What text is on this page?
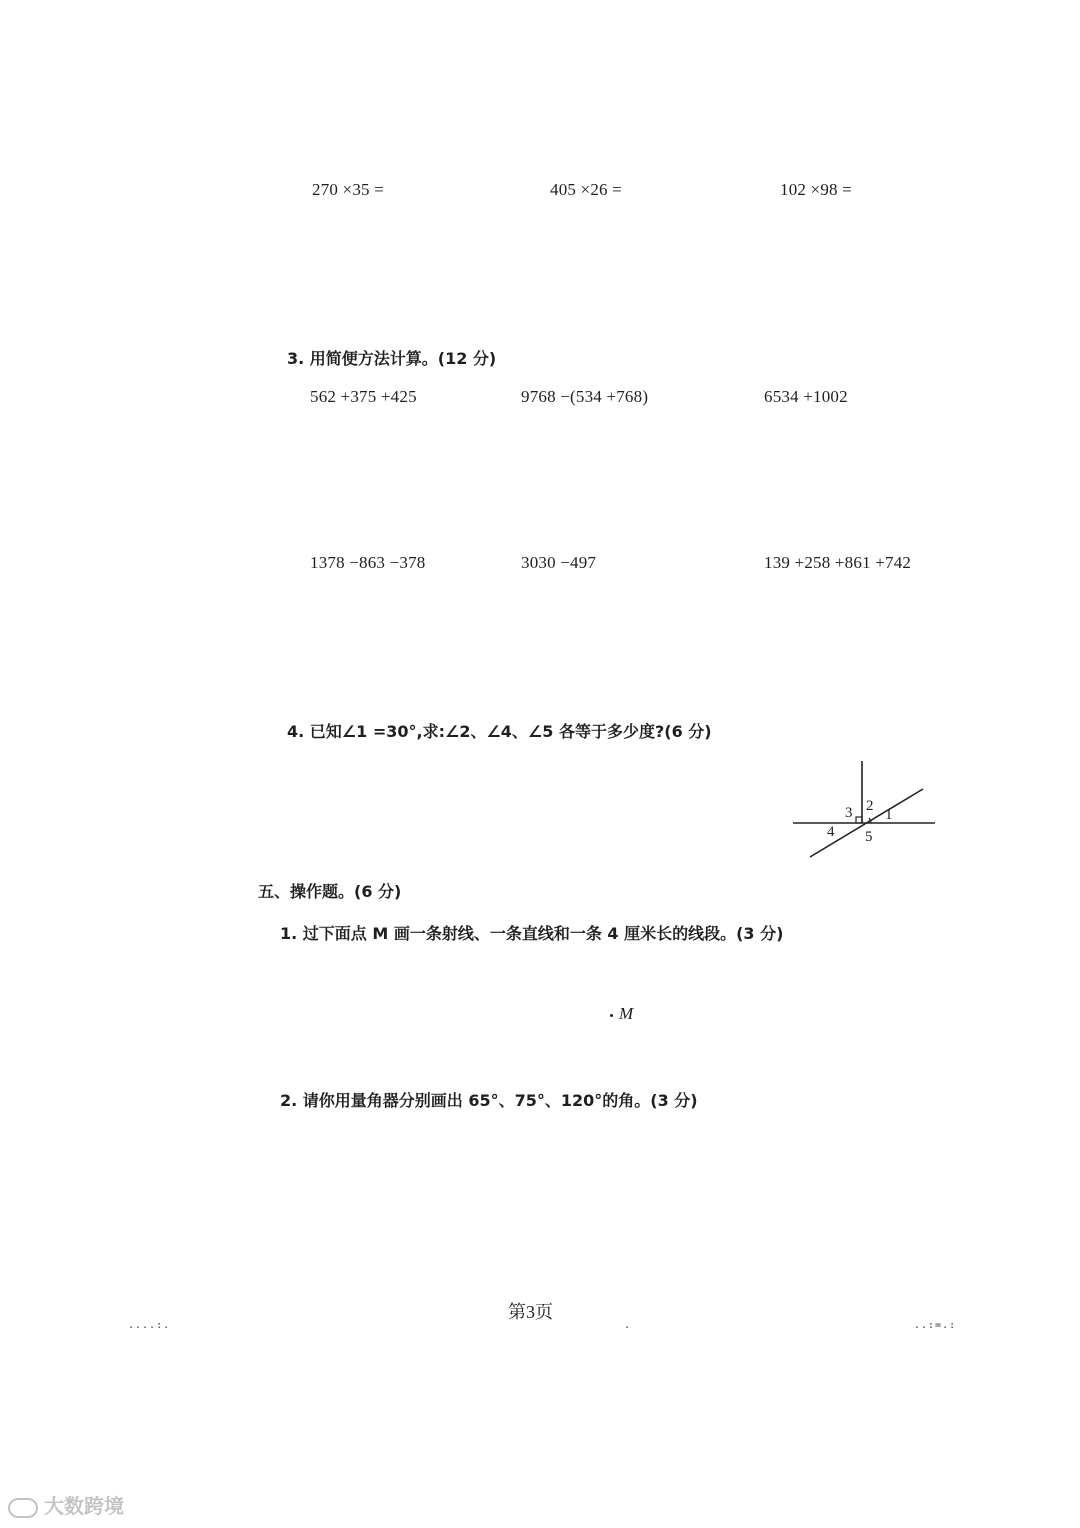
270 ×35 =	405 ×26 =	102 ×98 =
3. 用简便方法计算。(12 分)
562 +375 +425	9768 −(534 +768)	6534 +1002
1378 −863 −378	3030 −497	139 +258 +861 +742
4. 已知∠1 =30°,求:∠2、∠4、∠5 各等于多少度?(6 分)
3 2
1
4 5
五、操作题。(6 分)
1. 过下面点 M 画一条射线、一条直线和一条 4 厘米长的线段。(3 分)
M
2. 请你用量角器分别画出 65°、75°、120°的角。(3 分)
第3页
....:.	.	..:=.:
大数跨境
